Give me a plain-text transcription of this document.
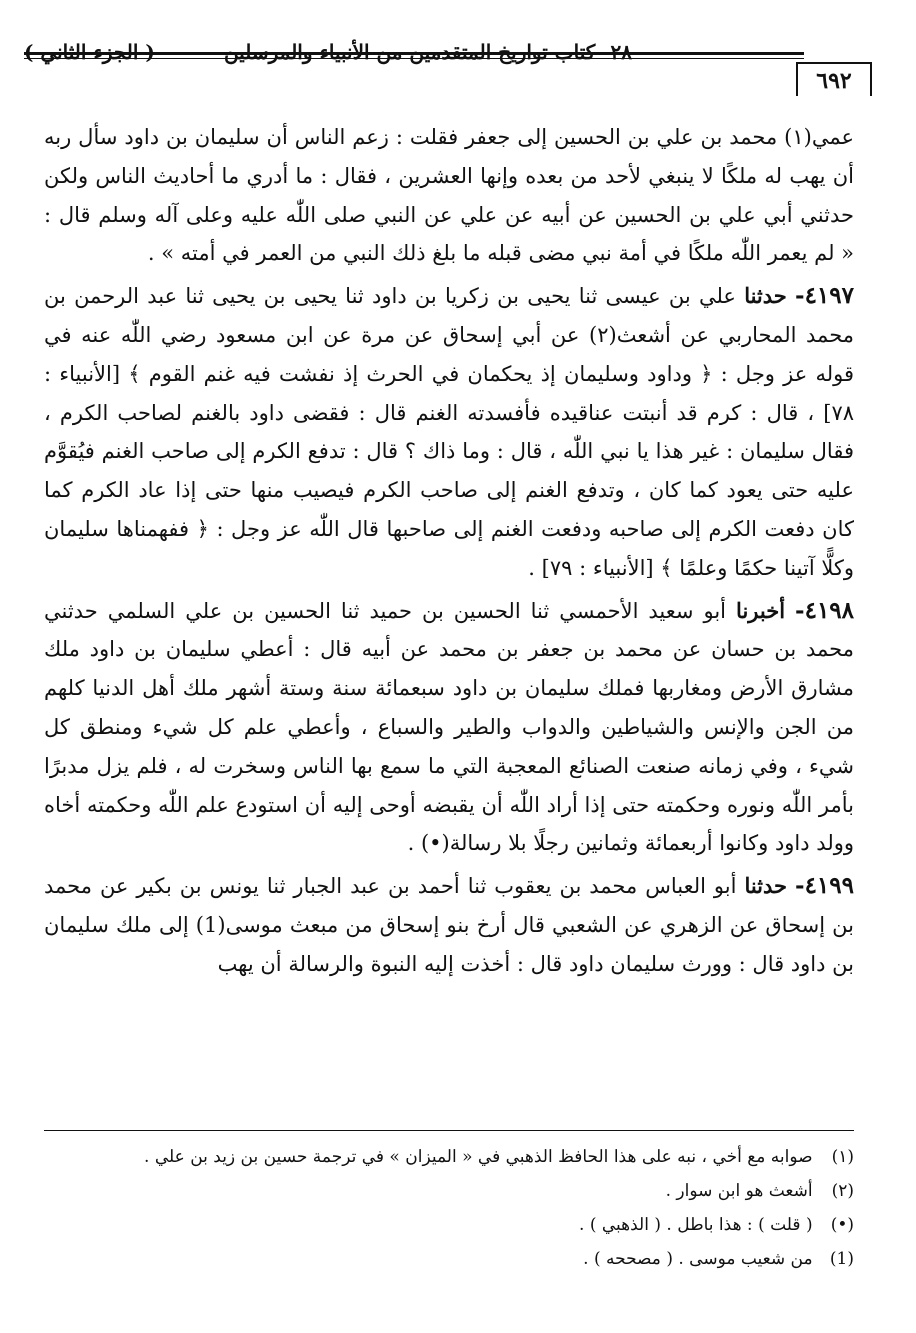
٢٨- كتاب تواريخ المتقدمين من الأنبياء والمرسلين
( الجزء الثاني )
٦٩٢

عمي(١) محمد بن علي بن الحسين إلى جعفر فقلت : زعم الناس أن سليمان بن داود سأل ربه أن يهب له ملكًا لا ينبغي لأحد من بعده وإنها العشرين ، فقال : ما أدري ما أحاديث الناس ولكن حدثني أبي علي بن الحسين عن أبيه عن علي عن النبي صلى اللّٰه عليه وعلى آله وسلم قال : « لم يعمر اللّٰه ملكًا في أمة نبي مضى قبله ما بلغ ذلك النبي من العمر في أمته » .

٤١٩٧- حدثنا علي بن عيسى ثنا يحيى بن زكريا بن داود ثنا يحيى بن يحيى ثنا عبد الرحمن بن محمد المحاربي عن أشعث(٢) عن أبي إسحاق عن مرة عن ابن مسعود رضي اللّٰه عنه في قوله عز وجل : ﴿ وداود وسليمان إذ يحكمان في الحرث إذ نفشت فيه غنم القوم ﴾ [الأنبياء : ٧٨] ، قال : كرم قد أنبتت عناقيده فأفسدته الغنم قال : فقضى داود بالغنم لصاحب الكرم ، فقال سليمان : غير هذا يا نبي اللّٰه ، قال : وما ذاك ؟ قال : تدفع الكرم إلى صاحب الغنم فيُقوَّم عليه حتى يعود كما كان ، وتدفع الغنم إلى صاحب الكرم فيصيب منها حتى إذا عاد الكرم كما كان دفعت الكرم إلى صاحبه ودفعت الغنم إلى صاحبها قال اللّٰه عز وجل : ﴿ ففهمناها سليمان وكلًّا آتينا حكمًا وعلمًا ﴾ [الأنبياء : ٧٩] .

٤١٩٨- أخبرنا أبو سعيد الأحمسي ثنا الحسين بن حميد ثنا الحسين بن علي السلمي حدثني محمد بن حسان عن محمد بن جعفر بن محمد عن أبيه قال : أعطي سليمان بن داود ملك مشارق الأرض ومغاربها فملك سليمان بن داود سبعمائة سنة وستة أشهر ملك أهل الدنيا كلهم من الجن والإنس والشياطين والدواب والطير والسباع ، وأعطي علم كل شيء ومنطق كل شيء ، وفي زمانه صنعت الصنائع المعجبة التي ما سمع بها الناس وسخرت له ، فلم يزل مدبرًا بأمر اللّٰه ونوره وحكمته حتى إذا أراد اللّٰه أن يقبضه أوحى إليه أن استودع علم اللّٰه وحكمته أخاه وولد داود وكانوا أربعمائة وثمانين رجلًا بلا رسالة(•) .

٤١٩٩- حدثنا أبو العباس محمد بن يعقوب ثنا أحمد بن عبد الجبار ثنا يونس بن بكير عن محمد بن إسحاق عن الزهري عن الشعبي قال أرخ بنو إسحاق من مبعث موسى(1) إلى ملك سليمان بن داود قال : وورث سليمان داود قال : أخذت إليه النبوة والرسالة أن يهب

(١) صوابه مع أخي ، نبه على هذا الحافظ الذهبي في « الميزان » في ترجمة حسين بن زيد بن علي .

(٢) أشعث هو ابن سوار .

(•) ( قلت ) : هذا باطل . ( الذهبي ) .

(1) من شعيب موسى . ( مصححه ) .
